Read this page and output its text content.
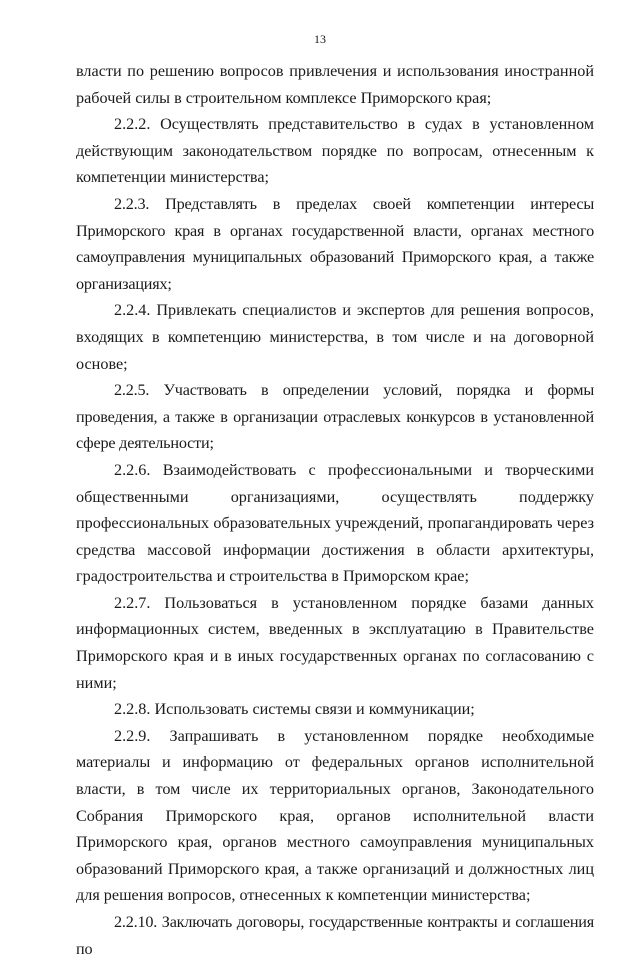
13

власти по решению вопросов привлечения и использования иностранной рабочей силы в строительном комплексе Приморского края;

2.2.2. Осуществлять представительство в судах в установленном действующим законодательством порядке по вопросам, отнесенным к компетенции министерства;

2.2.3. Представлять в пределах своей компетенции интересы Приморского края в органах государственной власти, органах местного самоуправления муниципальных образований Приморского края, а также организациях;

2.2.4. Привлекать специалистов и экспертов для решения вопросов, входящих в компетенцию министерства, в том числе и на договорной основе;

2.2.5. Участвовать в определении условий, порядка и формы проведения, а также в организации отраслевых конкурсов в установленной сфере деятельности;

2.2.6. Взаимодействовать с профессиональными и творческими общественными организациями, осуществлять поддержку профессиональных образовательных учреждений, пропагандировать через средства массовой информации достижения в области архитектуры, градостроительства и строительства в Приморском крае;

2.2.7. Пользоваться в установленном порядке базами данных информационных систем, введенных в эксплуатацию в Правительстве Приморского края и в иных государственных органах по согласованию с ними;

2.2.8. Использовать системы связи и коммуникации;

2.2.9. Запрашивать в установленном порядке необходимые материалы и информацию от федеральных органов исполнительной власти, в том числе их территориальных органов, Законодательного Собрания Приморского края, органов исполнительной власти Приморского края, органов местного самоуправления муниципальных образований Приморского края, а также организаций и должностных лиц для решения вопросов, отнесенных к компетенции министерства;

2.2.10. Заключать договоры, государственные контракты и соглашения по
